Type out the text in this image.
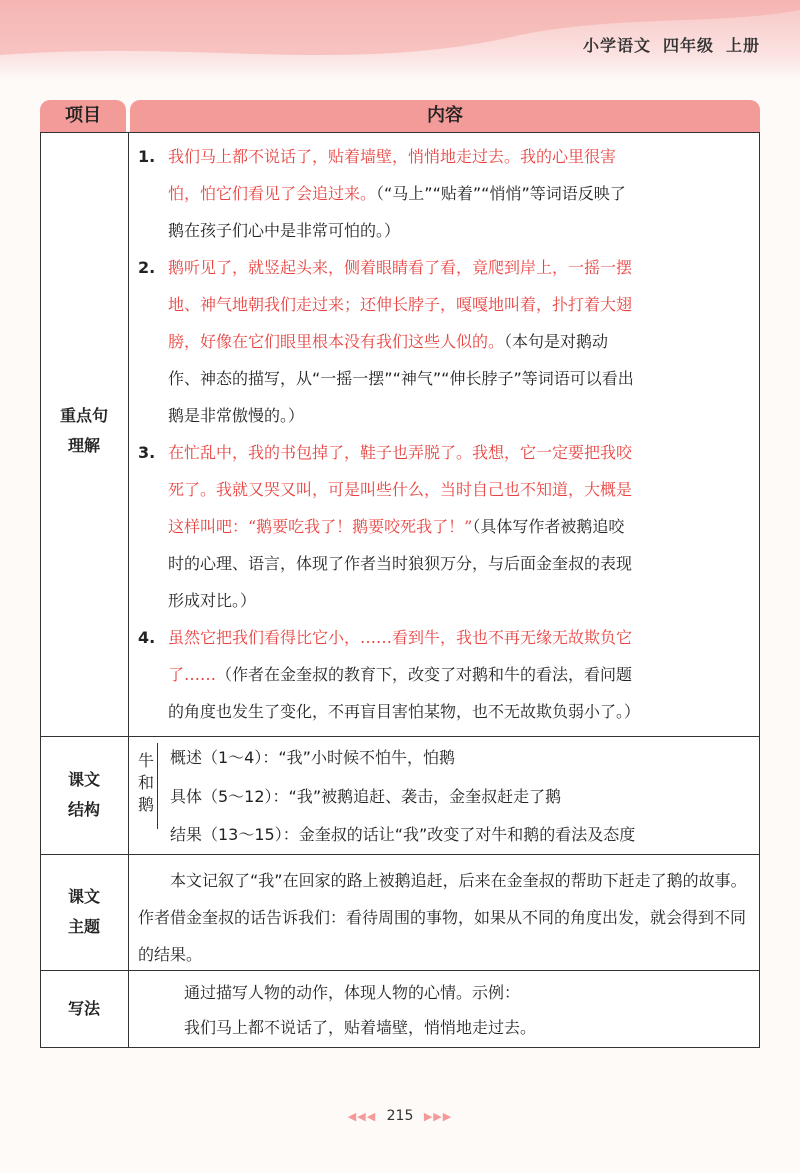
小学语文 四年级 上册
项目	内容
重点句
理解
1. 我们马上都不说话了，贴着墙壁，悄悄地走过去。我的心里很害
怕，怕它们看见了会追过来。（“马上”“贴着”“悄悄”等词语反映了
鹅在孩子们心中是非常可怕的。）
2. 鹅听见了，就竖起头来，侧着眼睛看了看，竟爬到岸上，一摇一摆
地、神气地朝我们走过来；还伸长脖子，嘎嘎地叫着，扑打着大翅
膀，好像在它们眼里根本没有我们这些人似的。（本句是对鹅动
作、神态的描写，从“一摇一摆”“神气”“伸长脖子”等词语可以看出
鹅是非常傲慢的。）
3. 在忙乱中，我的书包掉了，鞋子也弄脱了。我想，它一定要把我咬
死了。我就又哭又叫，可是叫些什么，当时自己也不知道，大概是
这样叫吧：“鹅要吃我了！鹅要咬死我了！”（具体写作者被鹅追咬
时的心理、语言，体现了作者当时狼狈万分，与后面金奎叔的表现
形成对比。）
4. 虽然它把我们看得比它小，……看到牛，我也不再无缘无故欺负它
了……（作者在金奎叔的教育下，改变了对鹅和牛的看法，看问题
的角度也发生了变化，不再盲目害怕某物，也不无故欺负弱小了。）
课文
结构
牛
和
鹅
概述（1～4）：“我”小时候不怕牛，怕鹅
具体（5～12）：“我”被鹅追赶、袭击，金奎叔赶走了鹅
结果（13～15）：金奎叔的话让“我”改变了对牛和鹅的看法及态度
课文
主题
本文记叙了“我”在回家的路上被鹅追赶，后来在金奎叔的帮助下赶走了鹅的故事。作者借金奎叔的话告诉我们：看待周围的事物，如果从不同的角度出发，就会得到不同的结果。
写法
通过描写人物的动作，体现人物的心情。示例：
我们马上都不说话了，贴着墙壁，悄悄地走过去。
◀◀◀ 215 ▶▶▶
